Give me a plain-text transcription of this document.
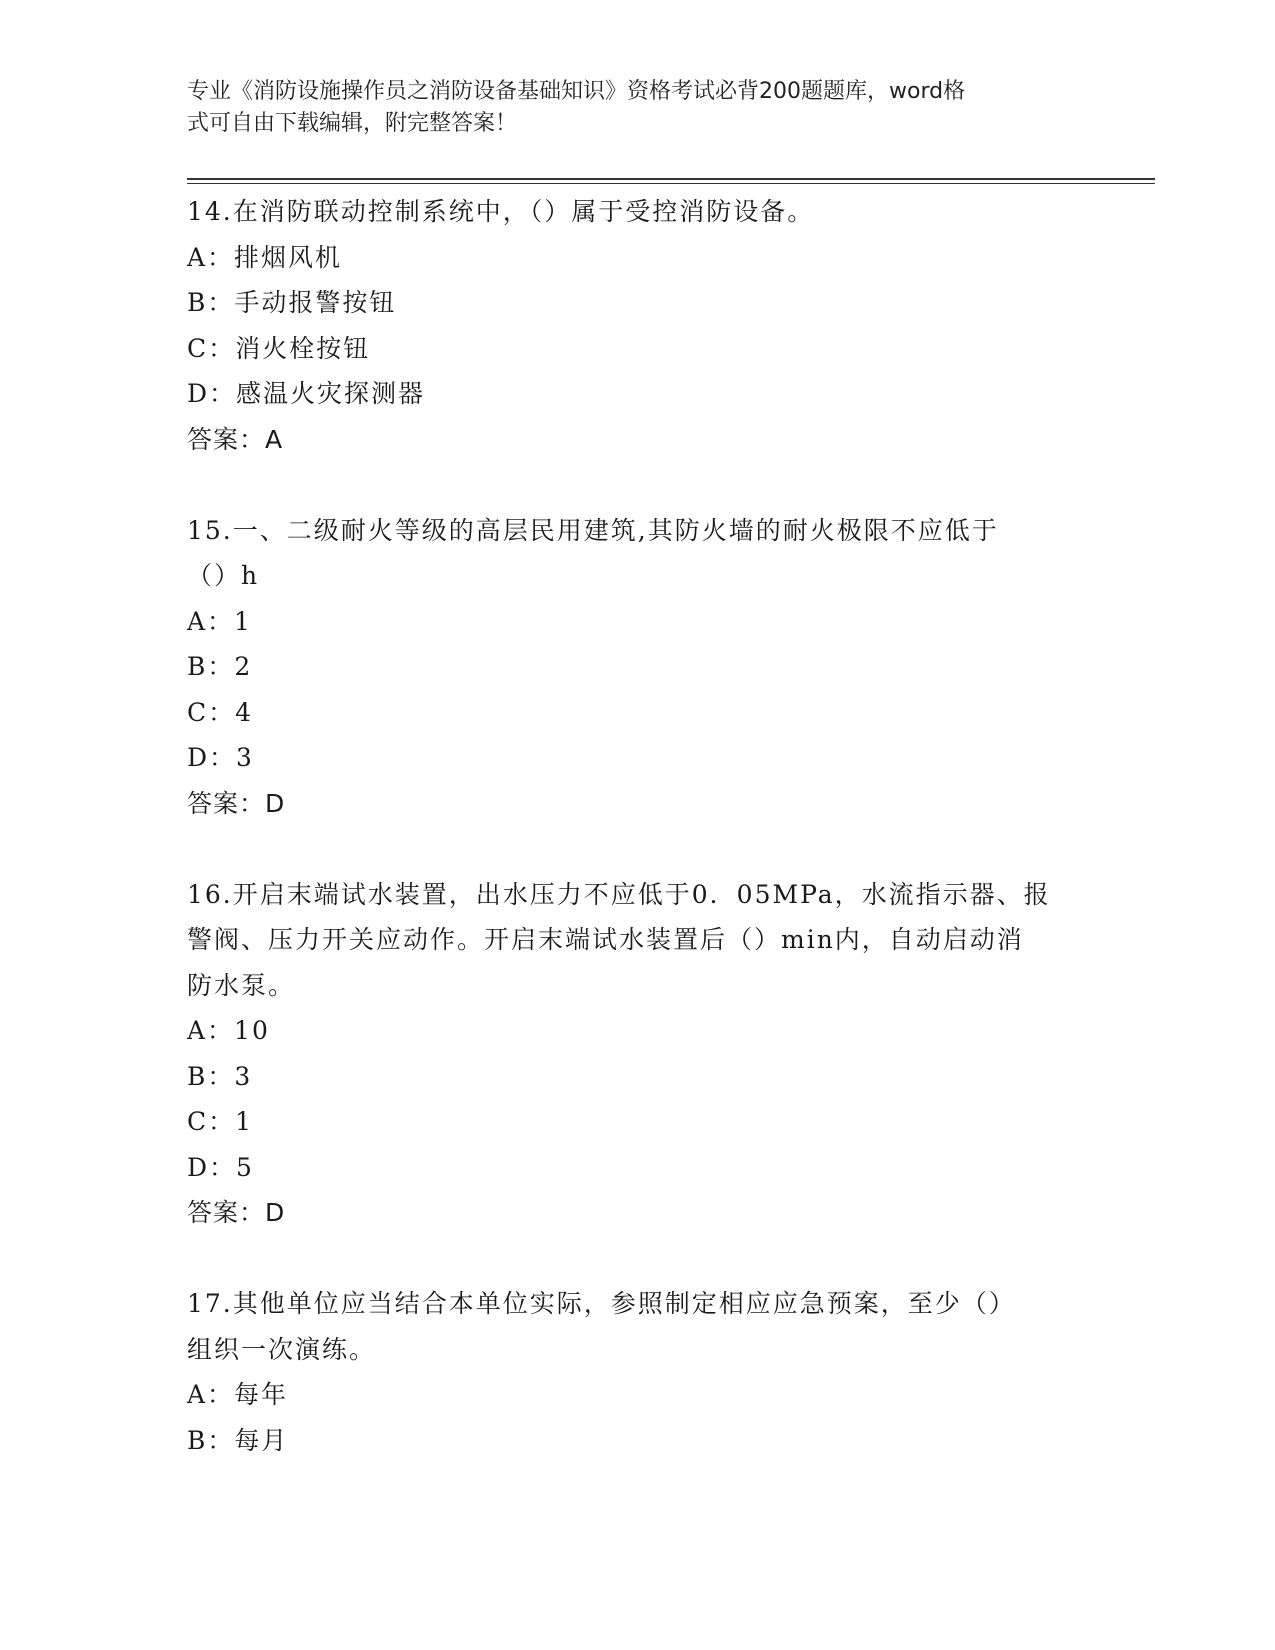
专业《消防设施操作员之消防设备基础知识》资格考试必背200题题库，word格
式可自由下载编辑，附完整答案！
14.在消防联动控制系统中，（）属于受控消防设备。
A：排烟风机
B：手动报警按钮
C：消火栓按钮
D：感温火灾探测器
答案：A
15.一、二级耐火等级的高层民用建筑,其防火墙的耐火极限不应低于
（）h
A：1
B：2
C：4
D：3
答案：D
16.开启末端试水装置，出水压力不应低于0．05MPa，水流指示器、报
警阀、压力开关应动作。开启末端试水装置后（）min内，自动启动消
防水泵。
A：10
B：3
C：1
D：5
答案：D
17.其他单位应当结合本单位实际，参照制定相应应急预案，至少（）
组织一次演练。
A：每年
B：每月
